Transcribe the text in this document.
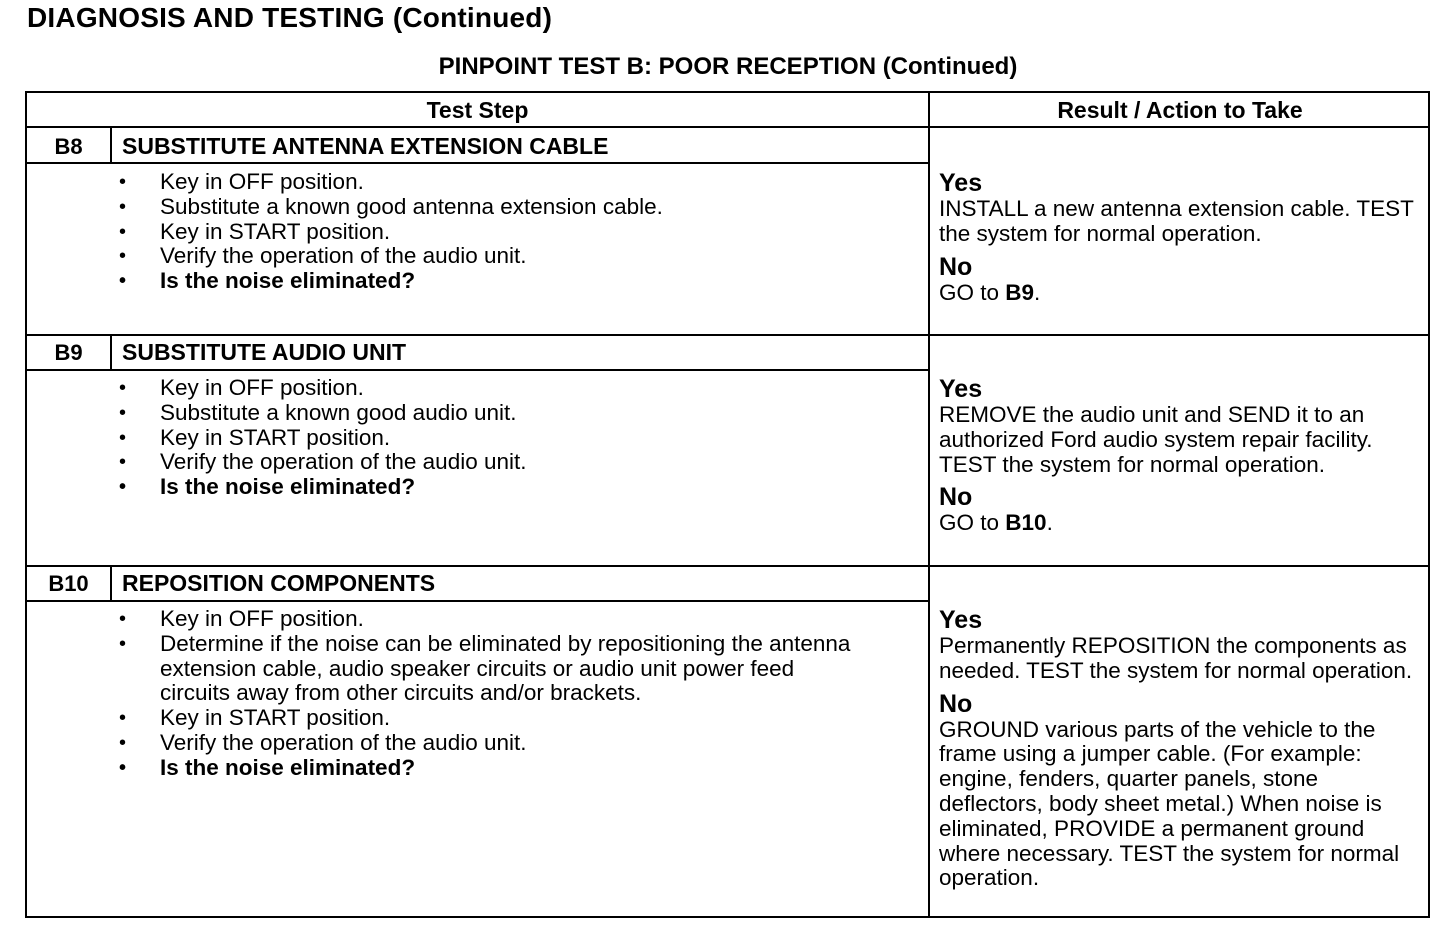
DIAGNOSIS AND TESTING (Continued)
PINPOINT TEST B: POOR RECEPTION (Continued)
Test Step	Result / Action to Take
B8	SUBSTITUTE ANTENNA EXTENSION CABLE
• Key in OFF position.
• Substitute a known good antenna extension cable.
• Key in START position.
• Verify the operation of the audio unit.
• Is the noise eliminated?
Yes
INSTALL a new antenna extension cable. TEST the system for normal operation.
No
GO to B9.
B9	SUBSTITUTE AUDIO UNIT
• Key in OFF position.
• Substitute a known good audio unit.
• Key in START position.
• Verify the operation of the audio unit.
• Is the noise eliminated?
Yes
REMOVE the audio unit and SEND it to an authorized Ford audio system repair facility. TEST the system for normal operation.
No
GO to B10.
B10	REPOSITION COMPONENTS
• Key in OFF position.
• Determine if the noise can be eliminated by repositioning the antenna extension cable, audio speaker circuits or audio unit power feed circuits away from other circuits and/or brackets.
• Key in START position.
• Verify the operation of the audio unit.
• Is the noise eliminated?
Yes
Permanently REPOSITION the components as needed. TEST the system for normal operation.
No
GROUND various parts of the vehicle to the frame using a jumper cable. (For example: engine, fenders, quarter panels, stone deflectors, body sheet metal.) When noise is eliminated, PROVIDE a permanent ground where necessary. TEST the system for normal operation.
